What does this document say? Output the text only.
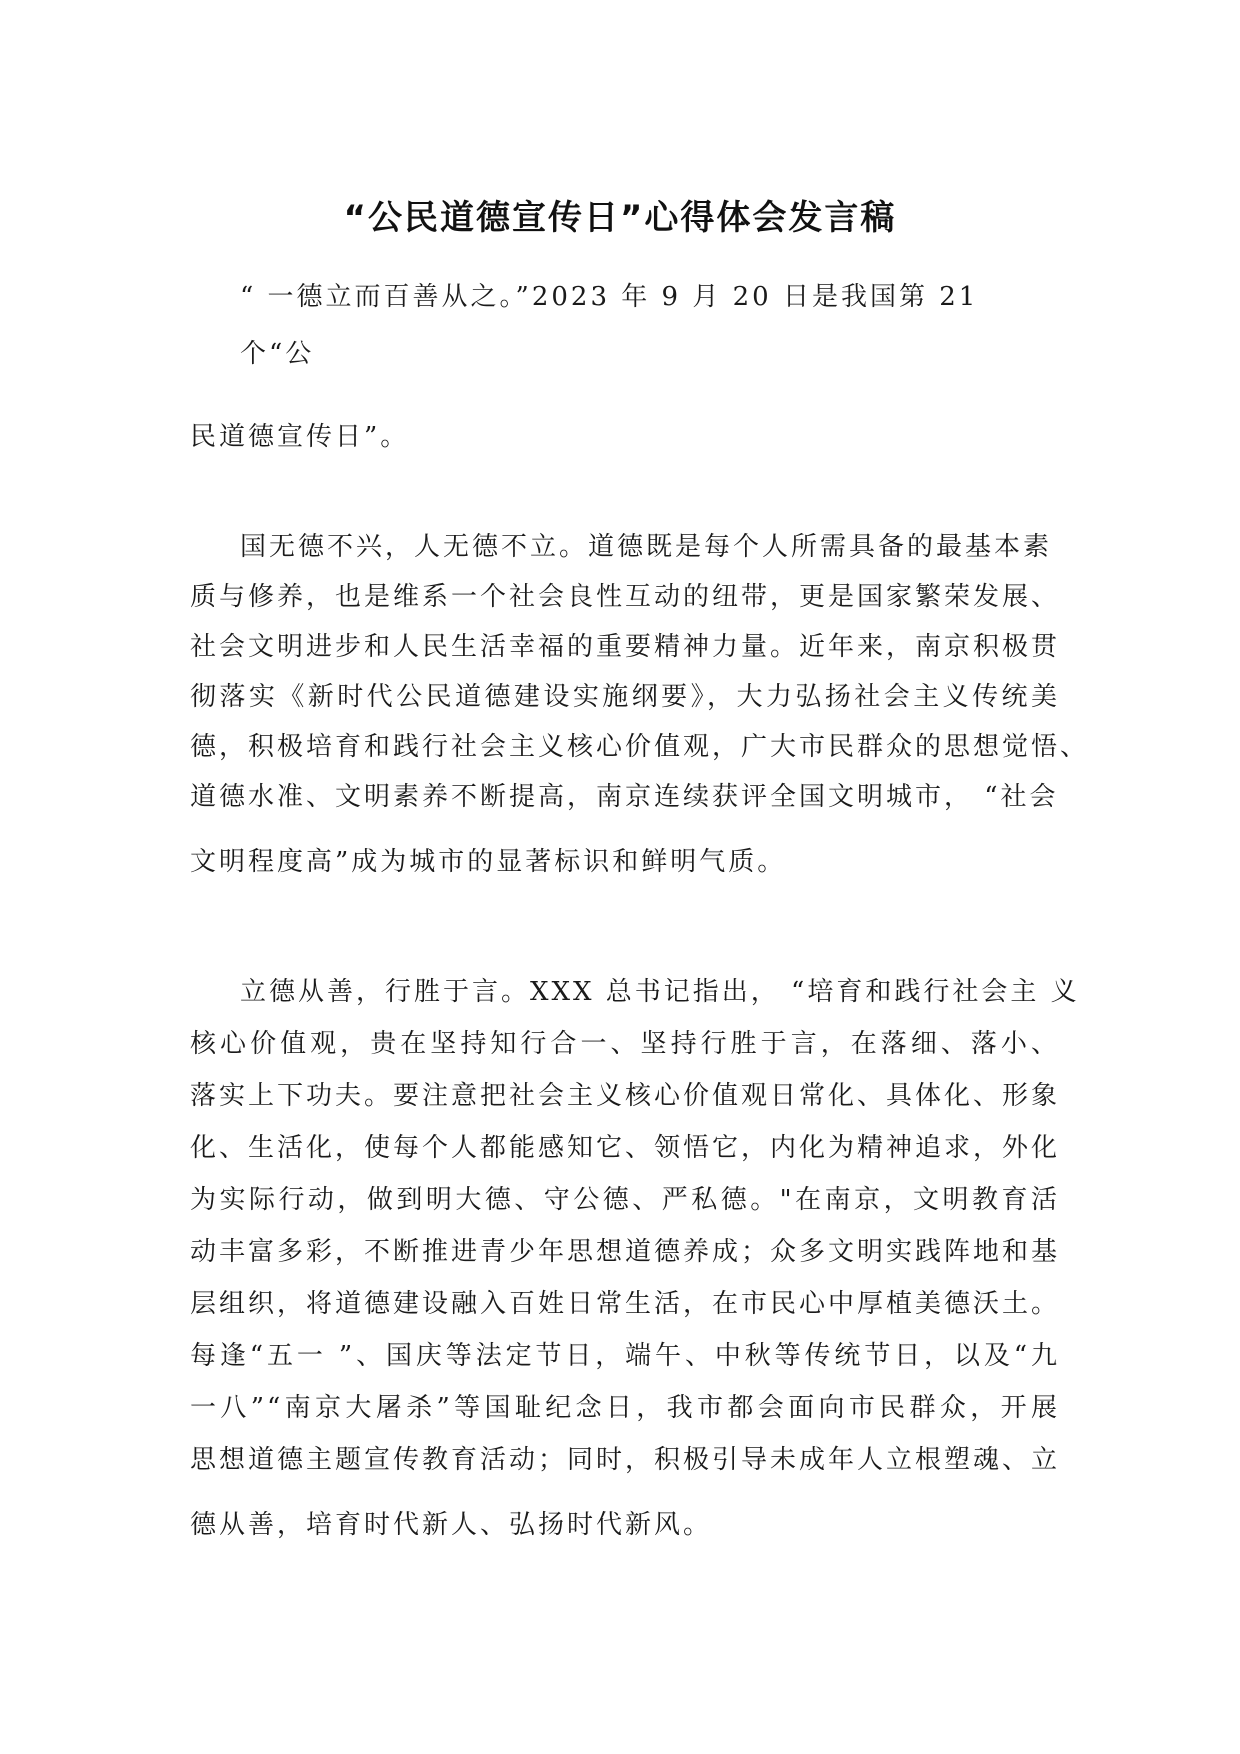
“公民道德宣传日”心得体会发言稿
“ 一德立而百善从之。”2023 年 9 月 20 日是我国第 21
个“公
民道德宣传日”。
国无德不兴，人无德不立。道德既是每个人所需具备的最基本素
质与修养，也是维系一个社会良性互动的纽带，更是国家繁荣发展、
社会文明进步和人民生活幸福的重要精神力量。近年来，南京积极贯
彻落实《新时代公民道德建设实施纲要》，大力弘扬社会主义传统美
德，积极培育和践行社会主义核心价值观，广大市民群众的思想觉悟、
道德水准、文明素养不断提高，南京连续获评全国文明城市， “社会
文明程度高”成为城市的显著标识和鲜明气质。
立德从善，行胜于言。XXX 总书记指出， “培育和践行社会主 义
核心价值观，贵在坚持知行合一、坚持行胜于言，在落细、落小、
落实上下功夫。要注意把社会主义核心价值观日常化、具体化、形象
化、生活化，使每个人都能感知它、领悟它，内化为精神追求，外化
为实际行动，做到明大德、守公德、严私德。"在南京，文明教育活
动丰富多彩，不断推进青少年思想道德养成；众多文明实践阵地和基
层组织，将道德建设融入百姓日常生活，在市民心中厚植美德沃土。
每逢“五一 ”、国庆等法定节日，端午、中秋等传统节日，以及“九
一八”“南京大屠杀”等国耻纪念日，我市都会面向市民群众，开展
思想道德主题宣传教育活动；同时，积极引导未成年人立根塑魂、立
德从善，培育时代新人、弘扬时代新风。
